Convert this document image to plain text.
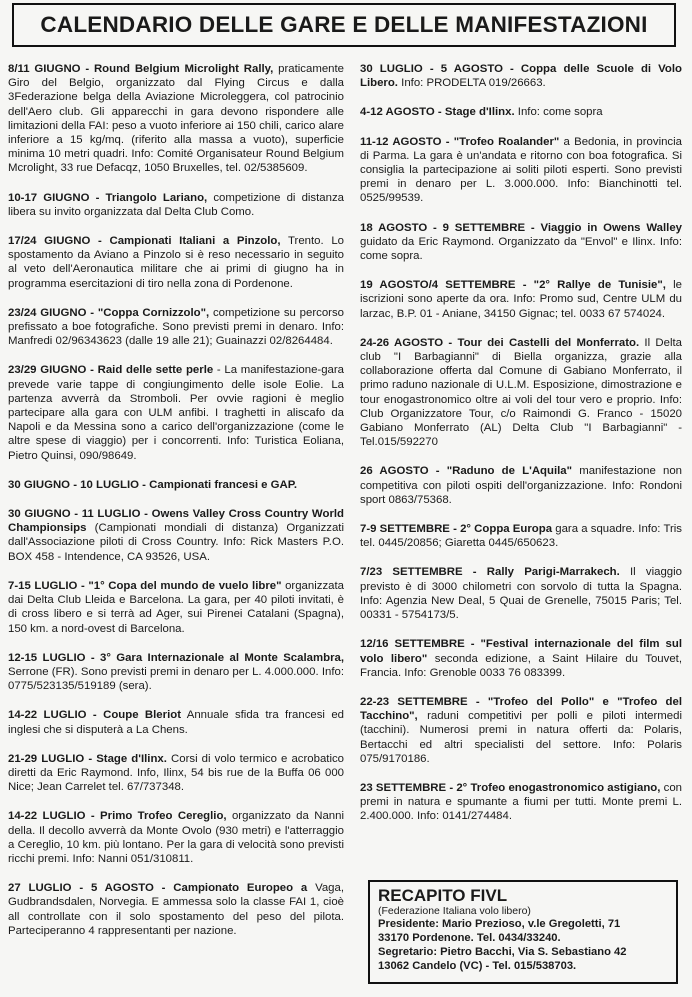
CALENDARIO DELLE GARE E DELLE MANIFESTAZIONI

8/11 GIUGNO - Round Belgium Microlight Rally, praticamente Giro del Belgio, organizzato dal Flying Circus e dalla 3Federazione belga della Aviazione Microleggera, col patrocinio dell'Aero club. Gli apparecchi in gara devono rispondere alle limitazioni della FAI: peso a vuoto inferiore ai 150 chili, carico alare inferiore a 15 kg/mq. (riferito alla massa a vuoto), superficie minima 10 metri quadri. Info: Comité Organisateur Round Belgium Mcrolight, 33 rue Defacqz, 1050 Bruxelles, tel. 02/5385609.

10-17 GIUGNO - Triangolo Lariano, competizione di distanza libera su invito organizzata dal Delta Club Como.

17/24 GIUGNO - Campionati Italiani a Pinzolo, Trento. Lo spostamento da Aviano a Pinzolo si è reso necessario in seguito al veto dell'Aeronautica militare che ai primi di giugno ha in programma esercitazioni di tiro nella zona di Pordenone.

23/24 GIUGNO - "Coppa Cornizzolo", competizione su percorso prefissato a boe fotografiche. Sono previsti premi in denaro. Info: Manfredi 02/96343623 (dalle 19 alle 21); Guainazzi 02/8264484.

23/29 GIUGNO - Raid delle sette perle - La manifestazione-gara prevede varie tappe di congiungimento delle isole Eolie. La partenza avverrà da Stromboli. Per ovvie ragioni è meglio partecipare alla gara con ULM anfibi. I traghetti in aliscafo da Napoli e da Messina sono a carico dell'organizzazione (come le altre spese di viaggio) per i concorrenti. Info: Turistica Eoliana, Pietro Quinsi, 090/98649.

30 GIUGNO - 10 LUGLIO - Campionati francesi e GAP.

30 GIUGNO - 11 LUGLIO - Owens Valley Cross Country World Championsips (Campionati mondiali di distanza) Organizzati dall'Associazione piloti di Cross Country. Info: Rick Masters P.O. BOX 458 - Intendence, CA 93526, USA.

7-15 LUGLIO - "1° Copa del mundo de vuelo libre" organizzata dai Delta Club Lleida e Barcelona. La gara, per 40 piloti invitati, è di cross libero e si terrà ad Ager, sui Pirenei Catalani (Spagna), 150 km. a nord-ovest di Barcelona.

12-15 LUGLIO - 3° Gara Internazionale al Monte Scalambra, Serrone (FR). Sono previsti premi in denaro per L. 4.000.000. Info: 0775/523135/519189 (sera).

14-22 LUGLIO - Coupe Bleriot Annuale sfida tra francesi ed inglesi che si disputerà a La Chens.

21-29 LUGLIO - Stage d'Ilinx. Corsi di volo termico e acrobatico diretti da Eric Raymond. Info, Ilinx, 54 bis rue de la Buffa 06 000 Nice; Jean Carrelet tel. 67/737348.

14-22 LUGLIO - Primo Trofeo Cereglio, organizzato da Nanni della. Il decollo avverrà da Monte Ovolo (930 metri) e l'atterraggio a Cereglio, 10 km. più lontano. Per la gara di velocità sono previsti ricchi premi. Info: Nanni 051/310811.

27 LUGLIO - 5 AGOSTO - Campionato Europeo a Vaga, Gudbrandsdalen, Norvegia. E ammessa solo la classe FAI 1, cioè all controllate con il solo spostamento del peso del pilota. Parteciperanno 4 rappresentanti per nazione.

30 LUGLIO - 5 AGOSTO - Coppa delle Scuole di Volo Libero. Info: PRODELTA 019/26663.

4-12 AGOSTO - Stage d'Ilinx. Info: come sopra

11-12 AGOSTO - "Trofeo Roalander" a Bedonia, in provincia di Parma. La gara è un'andata e ritorno con boa fotografica. Si consiglia la partecipazione ai soliti piloti esperti. Sono previsti premi in denaro per L. 3.000.000. Info: Bianchinotti tel. 0525/99539.

18 AGOSTO - 9 SETTEMBRE - Viaggio in Owens Walley guidato da Eric Raymond. Organizzato da "Envol" e Ilinx. Info: come sopra.

19 AGOSTO/4 SETTEMBRE - "2° Rallye de Tunisie", le iscrizioni sono aperte da ora. Info: Promo sud, Centre ULM du larzac, B.P. 01 - Aniane, 34150 Gignac; tel. 0033 67 574024.

24-26 AGOSTO - Tour dei Castelli del Monferrato. Il Delta club "I Barbagianni" di Biella organizza, grazie alla collaborazione offerta dal Comune di Gabiano Monferrato, il primo raduno nazionale di U.L.M. Esposizione, dimostrazione e tour enogastronomico oltre ai voli del tour vero e proprio. Info: Club Organizzatore Tour, c/o Raimondi G. Franco - 15020 Gabiano Monferrato (AL) Delta Club "I Barbagianni" - Tel.015/592270

26 AGOSTO - "Raduno de L'Aquila" manifestazione non competitiva con piloti ospiti dell'organizzazione. Info: Rondoni sport 0863/75368.

7-9 SETTEMBRE - 2° Coppa Europa gara a squadre. Info: Tris tel. 0445/20856; Giaretta 0445/650623.

7/23 SETTEMBRE - Rally Parigi-Marrakech. Il viaggio previsto è di 3000 chilometri con sorvolo di tutta la Spagna. Info: Agenzia New Deal, 5 Quai de Grenelle, 75015 Paris; Tel. 00331 - 5754173/5.

12/16 SETTEMBRE - "Festival internazionale del film sul volo libero" seconda edizione, a Saint Hilaire du Touvet, Francia. Info: Grenoble 0033 76 083399.

22-23 SETTEMBRE - "Trofeo del Pollo" e "Trofeo del Tacchino", raduni competitivi per polli e piloti intermedi (tacchini). Numerosi premi in natura offerti da: Polaris, Bertacchi ed altri specialisti del settore. Info: Polaris 075/9170186.

23 SETTEMBRE - 2° Trofeo enogastronomico astigiano, con premi in natura e spumante a fiumi per tutti. Monte premi L. 2.400.000. Info: 0141/274484.

RECAPITO FIVL
(Federazione Italiana volo libero)
Presidente: Mario Prezioso, v.le Gregoletti, 71
33170 Pordenone. Tel. 0434/33240.
Segretario: Pietro Bacchi, Via S. Sebastiano 42
13062 Candelo (VC) - Tel. 015/538703.
